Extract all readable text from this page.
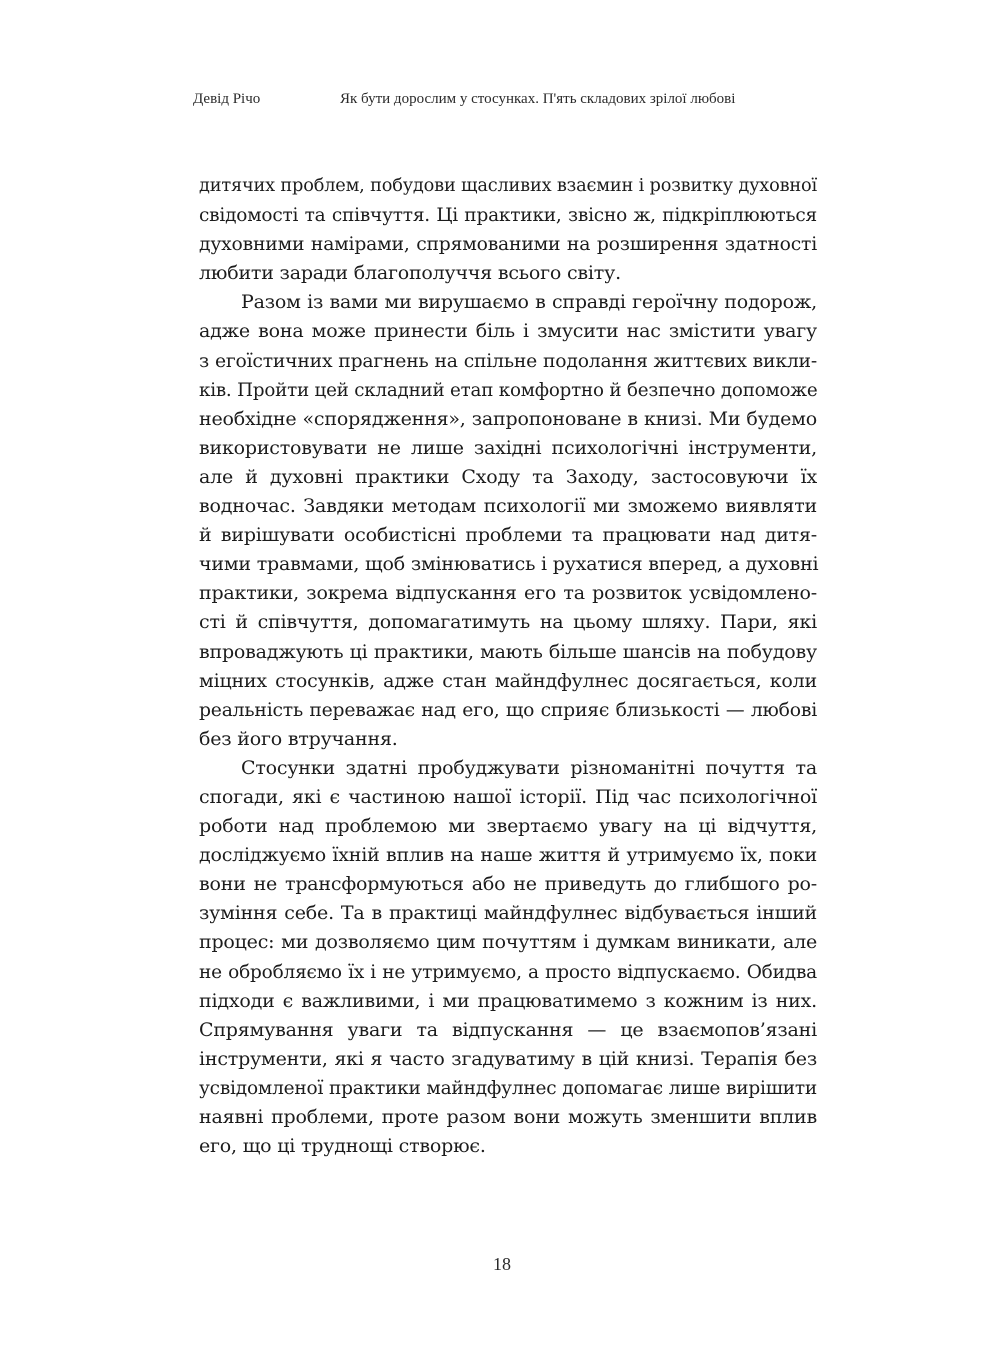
Девід Річо	Як бути дорослим у стосунках. П'ять складових зрілої любові
дитячих проблем, побудови щасливих взаємин і розвитку духовної
свідомості та співчуття. Ці практики, звісно ж, підкріплюються
духовними намірами, спрямованими на розширення здатності
любити заради благополуччя всього світу.
Разом із вами ми вирушаємо в справді героїчну подорож,
адже вона може принести біль і змусити нас змістити увагу
з егоїстичних прагнень на спільне подолання життєвих викли-
ків. Пройти цей складний етап комфортно й безпечно допоможе
необхідне «спорядження», запропоноване в книзі. Ми будемо
використовувати не лише західні психологічні інструменти,
але й духовні практики Сходу та Заходу, застосовуючи їх
водночас. Завдяки методам психології ми зможемо виявляти
й вирішувати особистісні проблеми та працювати над дитя-
чими травмами, щоб змінюватись і рухатися вперед, а духовні
практики, зокрема відпускання его та розвиток усвідомлено-
сті й співчуття, допомагатимуть на цьому шляху. Пари, які
впроваджують ці практики, мають більше шансів на побудову
міцних стосунків, адже стан майндфулнес досягається, коли
реальність переважає над его, що сприяє близькості — любові
без його втручання.
Стосунки здатні пробуджувати різноманітні почуття та
спогади, які є частиною нашої історії. Під час психологічної
роботи над проблемою ми звертаємо увагу на ці відчуття,
досліджуємо їхній вплив на наше життя й утримуємо їх, поки
вони не трансформуються або не приведуть до глибшого ро-
зуміння себе. Та в практиці майндфулнес відбувається інший
процес: ми дозволяємо цим почуттям і думкам виникати, але
не обробляємо їх і не утримуємо, а просто відпускаємо. Обидва
підходи є важливими, і ми працюватимемо з кожним із них.
Спрямування уваги та відпускання — це взаємопов’язані
інструменти, які я часто згадуватиму в цій книзі. Терапія без
усвідомленої практики майндфулнес допомагає лише вирішити
наявні проблеми, проте разом вони можуть зменшити вплив
его, що ці труднощі створює.
18
